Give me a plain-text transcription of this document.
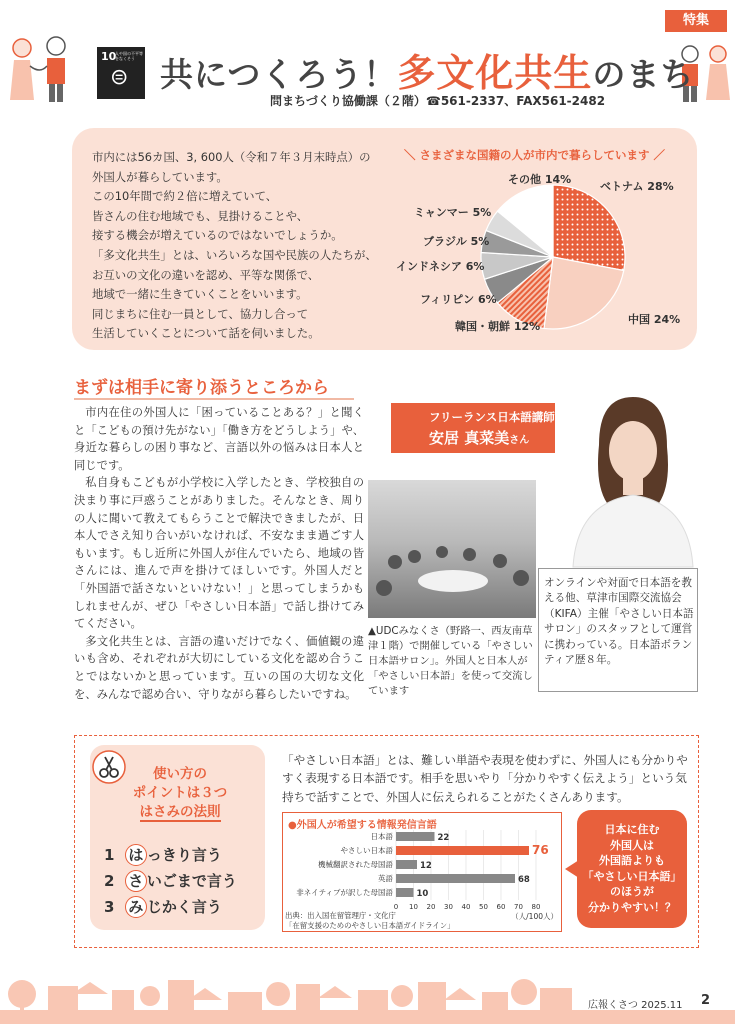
特集
10
人や国の不平等をなくそう
⊜ 共につくろう！多文化共生のまち
問まちづくり協働課（２階）☎561-2337、FAX561-2482

市内には56カ国、3, 600人（令和７年３月末時点）の

外国人が暮らしています。

この10年間で約２倍に増えていて、

皆さんの住む地域でも、見掛けることや、

接する機会が増えているのではないでしょうか。

「多文化共生」とは、いろいろな国や民族の人たちが、

お互いの文化の違いを認め、平等な関係で、

地域で一緒に生きていくことをいいます。

同じまちに住む一員として、協力し合って

生活していくことについて話を伺いました。

＼ さまざまな国籍の人が市内で暮らしています ／
ベトナム 28%
中国 24%
韓国・朝鮮 12%
フィリピン 6%
インドネシア 6%
ブラジル 5%
ミャンマー 5%
その他 14%
まずは相手に寄り添うところから

市内在住の外国人に「困っていることある？」と聞くと「こどもの預け先がない」「働き方をどうしよう」や、身近な暮らしの困り事など、言語以外の悩みは日本人と同じです。

私自身もこどもが小学校に入学したとき、学校独自の決まり事に戸惑うことがありました。そんなとき、周りの人に聞いて教えてもらうことで解決できましたが、日本人でさえ知り合いがいなければ、不安なまま過ごす人もいます。もし近所に外国人が住んでいたら、地域の皆さんには、進んで声を掛けてほしいです。外国人だと「外国語で話さないといけない！」と思ってしまうかもしれませんが、ぜひ「やさしい日本語」で話し掛けてみてください。

多文化共生とは、言語の違いだけでなく、価値観の違いも含め、それぞれが大切にしている文化を認め合うことではないかと思っています。互いの国の大切な文化を、みんなで認め合い、守りながら暮らしたいですね。

フリーランス日本語講師
安居 真菜美さん
▲UDCみなくさ（野路一、西友南草津１階）で開催している「やさしい日本語サロン」。外国人と日本人が「やさしい日本語」を使って交流しています
オンラインや対面で日本語を教える他、草津市国際交流協会（KIFA）主催「やさしい日本語サロン」のスタッフとして運営に携わっている。日本語ボランティア歴８年。
使い方の
ポイントは３つ
はさみの法則
1 は っきり言う
2 さ いごまで言う
3 み じかく言う
「やさしい日本語」とは、難しい単語や表現を使わずに、外国人にも分かりやすく表現する日本語です。相手を思いやり「分かりやすく伝えよう」という気持ちで話すことで、外国人に伝えられることがたくさんあります。
●外国人が希望する情報発信言語
0 10 20 30 40 50 60 70 80
（人/100人）
日本語	22
やさしい日本語	76
機械翻訳された母国語	12
英語	68
非ネイティブが訳した母国語	10
出典：出入国在留管理庁・文化庁
「在留支援のためのやさしい日本語ガイドライン」
日本に住む
外国人は
外国語よりも
「やさしい日本語」
のほうが
分かりやすい！？
広報くさつ 2025.11 2
